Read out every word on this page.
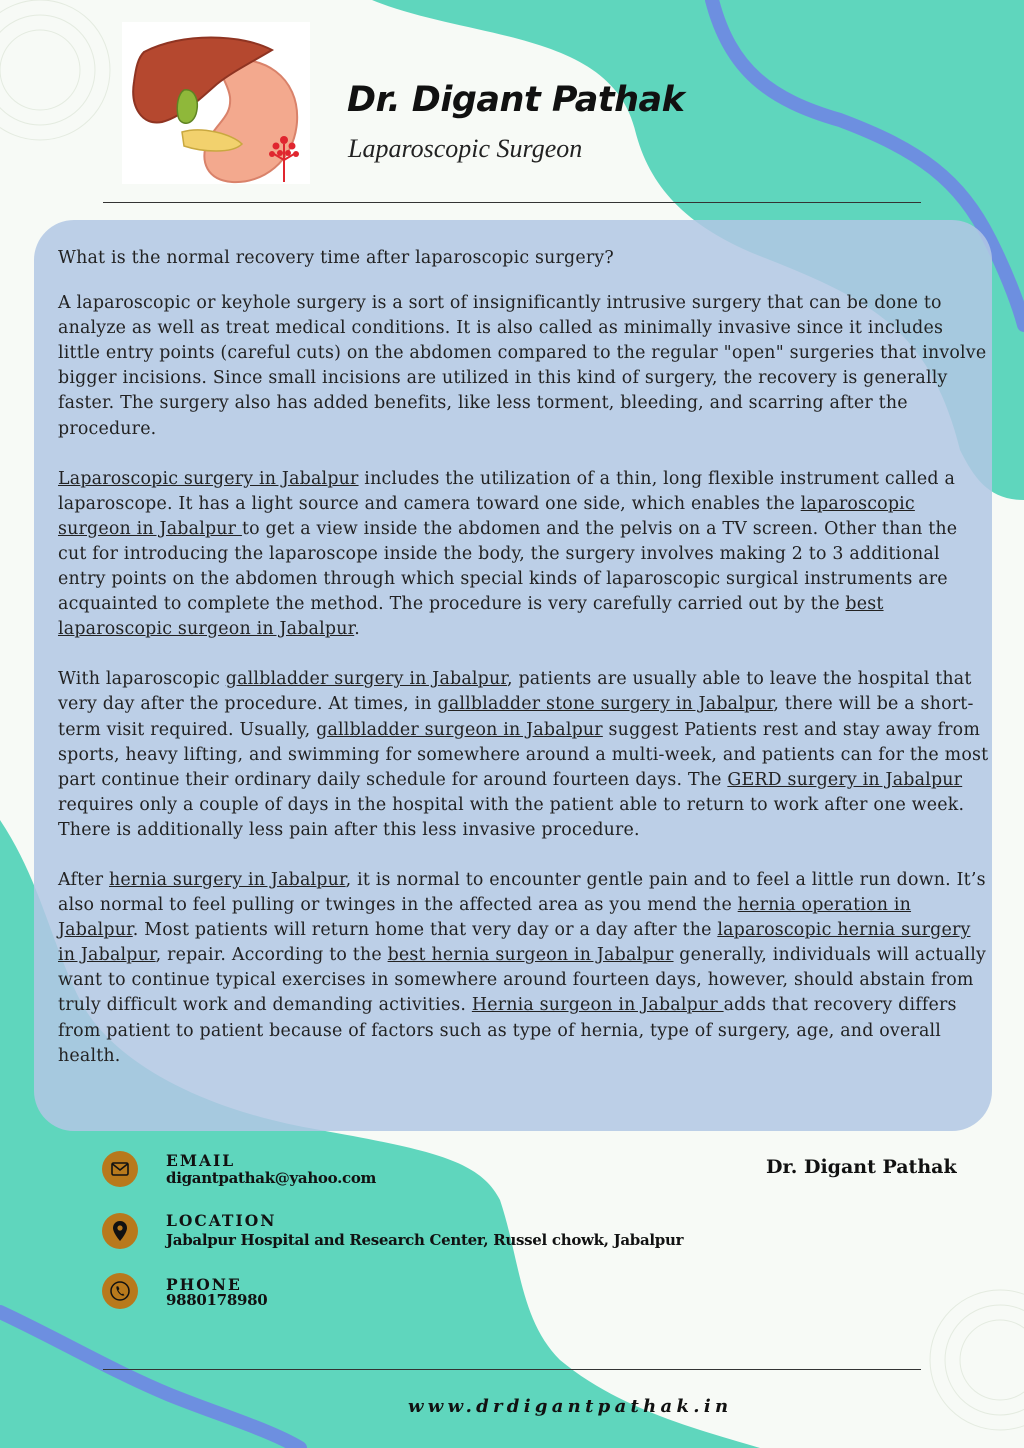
Dr. Digant Pathak
Laparoscopic Surgeon

What is the normal recovery time after laparoscopic surgery?

A laparoscopic or keyhole surgery is a sort of insignificantly intrusive surgery that can be done to analyze as well as treat medical conditions. It is also called as minimally invasive since it includes little entry points (careful cuts) on the abdomen compared to the regular "open" surgeries that involve bigger incisions. Since small incisions are utilized in this kind of surgery, the recovery is generally faster. The surgery also has added benefits, like less torment, bleeding, and scarring after the procedure.

Laparoscopic surgery in Jabalpur includes the utilization of a thin, long flexible instrument called a laparoscope. It has a light source and camera toward one side, which enables the laparoscopic surgeon in Jabalpur to get a view inside the abdomen and the pelvis on a TV screen. Other than the cut for introducing the laparoscope inside the body, the surgery involves making 2 to 3 additional entry points on the abdomen through which special kinds of laparoscopic surgical instruments are acquainted to complete the method. The procedure is very carefully carried out by the best laparoscopic surgeon in Jabalpur.

With laparoscopic gallbladder surgery in Jabalpur, patients are usually able to leave the hospital that very day after the procedure. At times, in gallbladder stone surgery in Jabalpur, there will be a short-term visit required. Usually, gallbladder surgeon in Jabalpur suggest Patients rest and stay away from sports, heavy lifting, and swimming for somewhere around a multi-week, and patients can for the most part continue their ordinary daily schedule for around fourteen days. The GERD surgery in Jabalpur requires only a couple of days in the hospital with the patient able to return to work after one week. There is additionally less pain after this less invasive procedure.

After hernia surgery in Jabalpur, it is normal to encounter gentle pain and to feel a little run down. It’s also normal to feel pulling or twinges in the affected area as you mend the hernia operation in Jabalpur. Most patients will return home that very day or a day after the laparoscopic hernia surgery in Jabalpur, repair. According to the best hernia surgeon in Jabalpur generally, individuals will actually want to continue typical exercises in somewhere around fourteen days, however, should abstain from truly difficult work and demanding activities. Hernia surgeon in Jabalpur adds that recovery differs from patient to patient because of factors such as type of hernia, type of surgery, age, and overall health.

EMAIL
digantpathak@yahoo.com
LOCATION
Jabalpur Hospital and Research Center, Russel chowk, Jabalpur
PHONE
9880178980
Dr. Digant Pathak
www.drdigantpathak.in
